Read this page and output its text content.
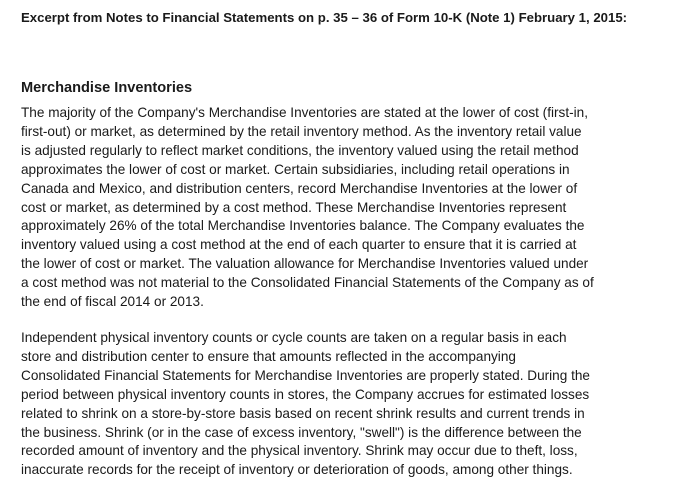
Excerpt from Notes to Financial Statements on p. 35 – 36 of Form 10-K (Note 1) February 1, 2015:
Merchandise Inventories
The majority of the Company's Merchandise Inventories are stated at the lower of cost (first-in,
first-out) or market, as determined by the retail inventory method. As the inventory retail value
is adjusted regularly to reflect market conditions, the inventory valued using the retail method
approximates the lower of cost or market. Certain subsidiaries, including retail operations in
Canada and Mexico, and distribution centers, record Merchandise Inventories at the lower of
cost or market, as determined by a cost method. These Merchandise Inventories represent
approximately 26% of the total Merchandise Inventories balance. The Company evaluates the
inventory valued using a cost method at the end of each quarter to ensure that it is carried at
the lower of cost or market. The valuation allowance for Merchandise Inventories valued under
a cost method was not material to the Consolidated Financial Statements of the Company as of
the end of fiscal 2014 or 2013.
Independent physical inventory counts or cycle counts are taken on a regular basis in each
store and distribution center to ensure that amounts reflected in the accompanying
Consolidated Financial Statements for Merchandise Inventories are properly stated. During the
period between physical inventory counts in stores, the Company accrues for estimated losses
related to shrink on a store-by-store basis based on recent shrink results and current trends in
the business. Shrink (or in the case of excess inventory, "swell") is the difference between the
recorded amount of inventory and the physical inventory. Shrink may occur due to theft, loss,
inaccurate records for the receipt of inventory or deterioration of goods, among other things.
